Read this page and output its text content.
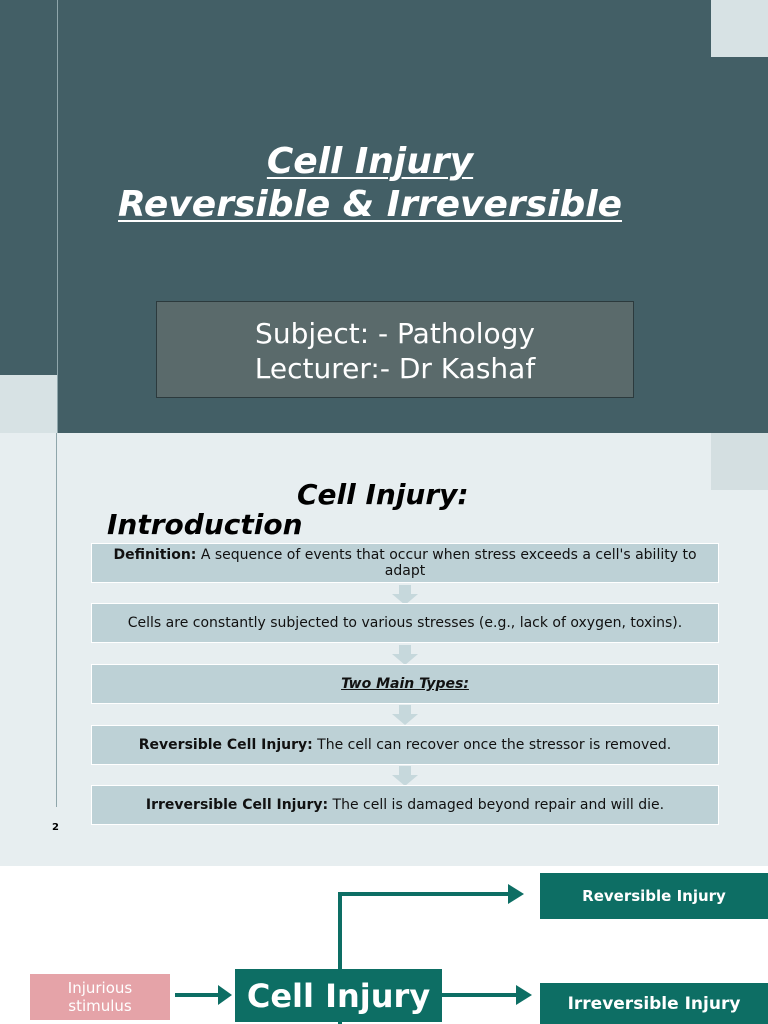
Cell Injury
Reversible & Irreversible
Subject: - Pathology
Lecturer:- Dr Kashaf
Cell Injury:
Introduction
Definition: A sequence of events that occur when stress exceeds a cell's ability to adapt
Cells are constantly subjected to various stresses (e.g., lack of oxygen, toxins).
Two Main Types:
Reversible Cell Injury: The cell can recover once the stressor is removed.
Irreversible Cell Injury: The cell is damaged beyond repair and will die.
2
Injurious stimulus	Cell Injury
Reversible Injury
Irreversible Injury
